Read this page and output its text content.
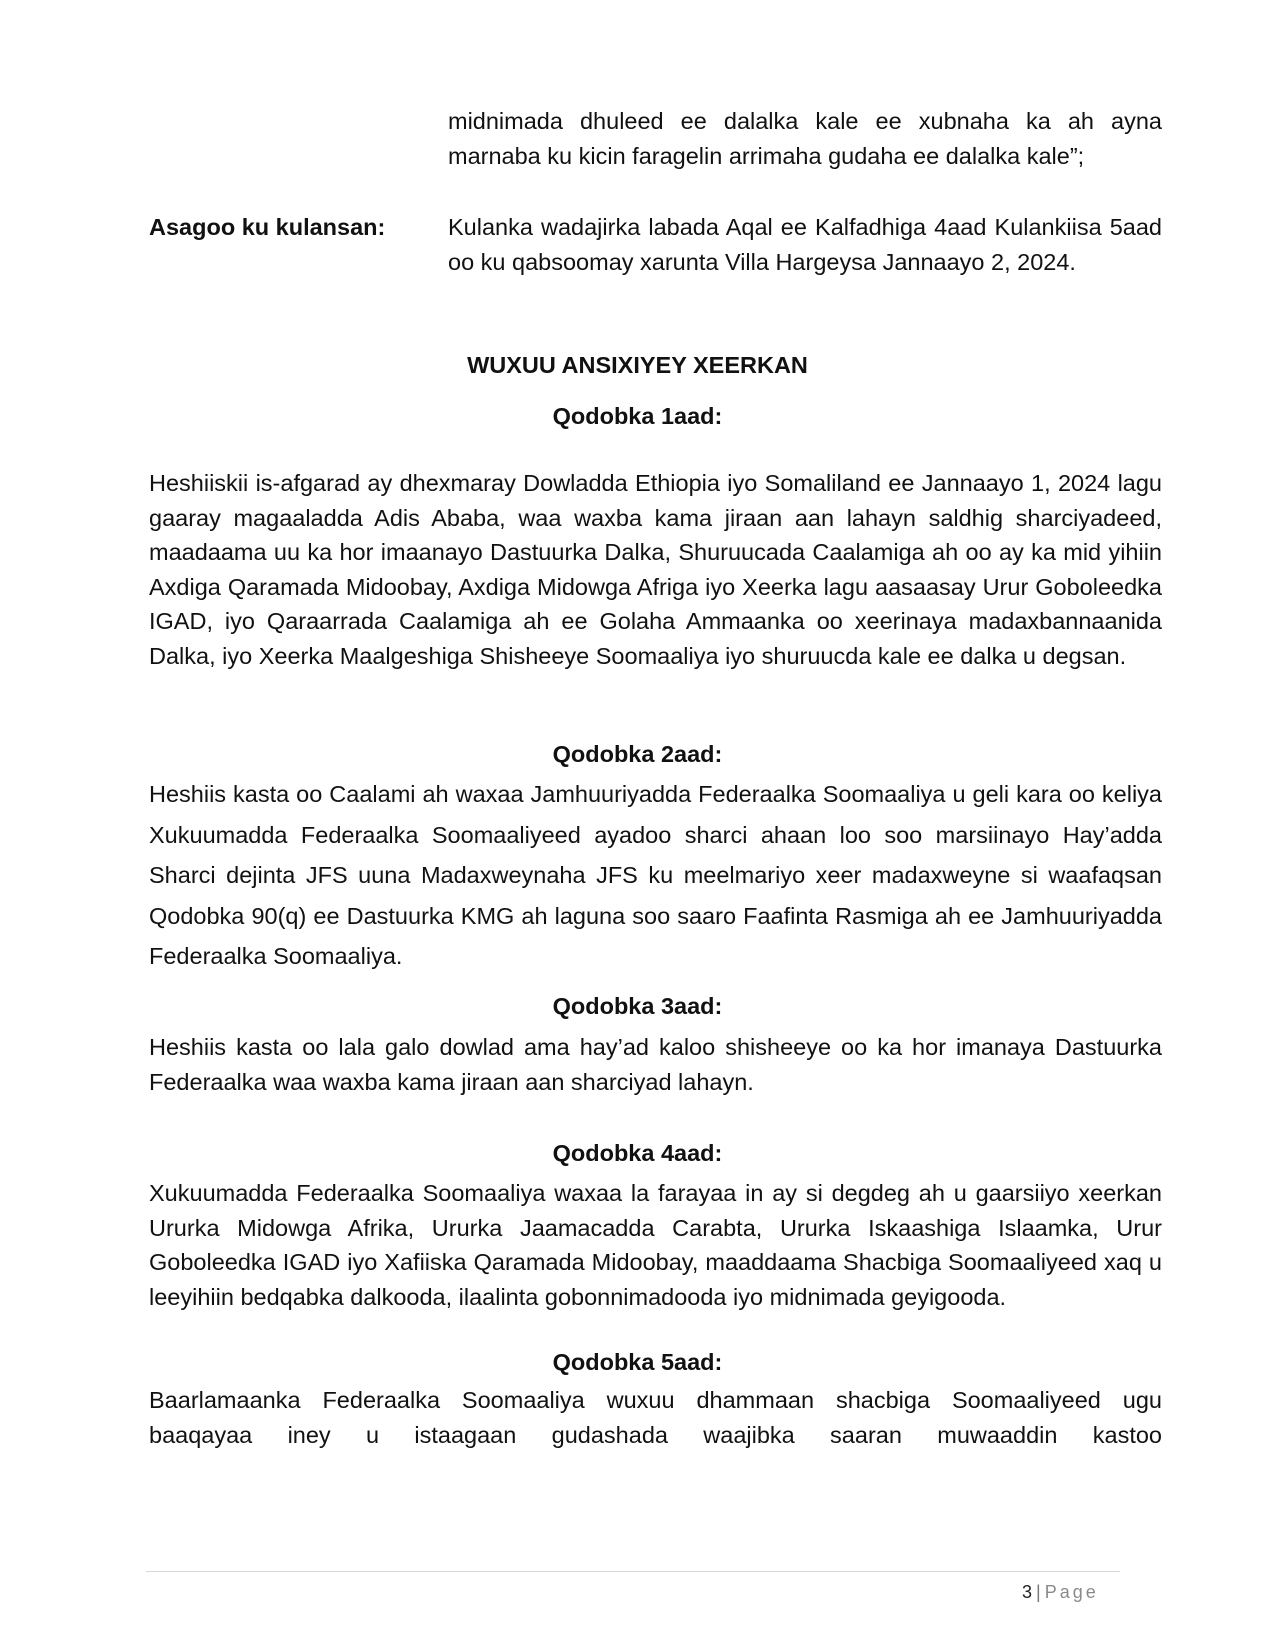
midnimada dhuleed ee dalalka kale ee xubnaha ka ah ayna marnaba ku kicin faragelin arrimaha gudaha ee dalalka kale”;

Asagoo ku kulansan:	Kulanka wadajirka labada Aqal ee Kalfadhiga 4aad Kulankiisa 5aad oo ku qabsoomay xarunta Villa Hargeysa Jannaayo 2, 2024.

WUXUU ANSIXIYEY XEERKAN

Qodobka 1aad:

Heshiiskii is-afgarad ay dhexmaray Dowladda Ethiopia iyo Somaliland ee Jannaayo 1, 2024 lagu gaaray magaaladda Adis Ababa, waa waxba kama jiraan aan lahayn saldhig sharciyadeed, maadaama uu ka hor imaanayo Dastuurka Dalka, Shuruucada Caalamiga ah oo ay ka mid yihiin Axdiga Qaramada Midoobay, Axdiga Midowga Afriga iyo Xeerka lagu aasaasay Urur Goboleedka IGAD, iyo Qaraarrada Caalamiga ah ee Golaha Ammaanka oo xeerinaya madaxbannaanida Dalka, iyo Xeerka Maalgeshiga Shisheeye Soomaaliya iyo shuruucda kale ee dalka u degsan.

Qodobka 2aad:

Heshiis kasta oo Caalami ah waxaa Jamhuuriyadda Federaalka Soomaaliya u geli kara oo keliya Xukuumadda Federaalka Soomaaliyeed ayadoo sharci ahaan loo soo marsiinayo Hay’adda Sharci dejinta JFS uuna Madaxweynaha JFS ku meelmariyo xeer madaxweyne si waafaqsan Qodobka 90(q) ee Dastuurka KMG ah laguna soo saaro Faafinta Rasmiga ah ee Jamhuuriyadda Federaalka Soomaaliya.

Qodobka 3aad:

Heshiis kasta oo lala galo dowlad ama hay’ad kaloo shisheeye oo ka hor imanaya Dastuurka Federaalka waa waxba kama jiraan aan sharciyad lahayn.

Qodobka 4aad:

Xukuumadda Federaalka Soomaaliya waxaa la farayaa in ay si degdeg ah u gaarsiiyo xeerkan Ururka Midowga Afrika, Ururka Jaamacadda Carabta, Ururka Iskaashiga Islaamka, Urur Goboleedka IGAD iyo Xafiiska Qaramada Midoobay, maaddaama Shacbiga Soomaaliyeed xaq u leeyihiin bedqabka dalkooda, ilaalinta gobonnimadooda iyo midnimada geyigooda.

Qodobka 5aad:

Baarlamaanka Federaalka Soomaaliya wuxuu dhammaan shacbiga Soomaaliyeed ugu baaqayaa iney u istaagaan gudashada waajibka saaran muwaaddin kastoo

3 | Page
